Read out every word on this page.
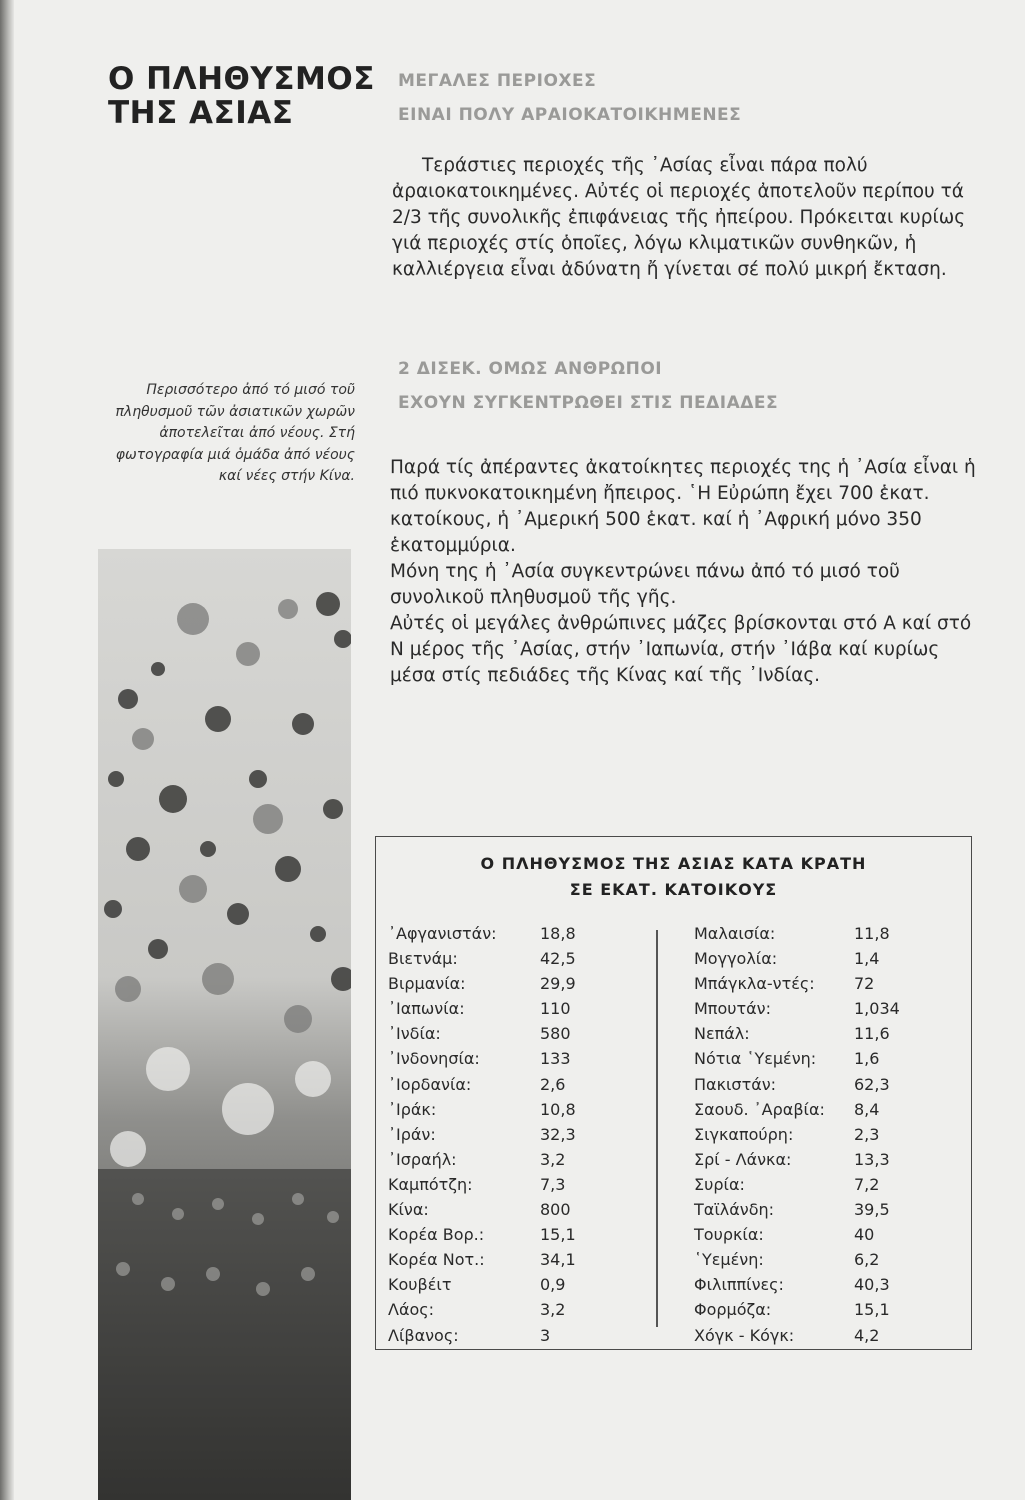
Ο ΠΛΗΘΥΣΜΟΣ
ΤΗΣ ΑΣΙΑΣ
ΜΕΓΑΛΕΣ ΠΕΡΙΟΧΕΣ
ΕΙΝΑΙ ΠΟΛΥ ΑΡΑΙΟΚΑΤΟΙΚΗΜΕΝΕΣ

Τεράστιες περιοχές τῆς ᾿Ασίας εἶναι πάρα πολύ ἀραιοκατοικημένες. Αὐτές οἱ περιοχές ἀποτελοῦν περίπου τά 2/3 τῆς συνολικῆς ἐπιφάνειας τῆς ἠπείρου. Πρόκειται κυρίως γιά περιοχές στίς ὁποῖες, λόγω κλιματικῶν συνθηκῶν, ἡ καλλιέργεια εἶναι ἀδύνατη ἤ γίνεται σέ πολύ μικρή ἔκταση.

Περισσότερο ἀπό τό μισό τοῦ πληθυσμοῦ τῶν ἀσιατικῶν χωρῶν ἀποτελεῖται ἀπό νέους. Στή φωτογραφία μιά ὁμάδα ἀπό νέους καί νέες στήν Κίνα.

2 ΔΙΣΕΚ. ΟΜΩΣ ΑΝΘΡΩΠΟΙ
ΕΧΟΥΝ ΣΥΓΚΕΝΤΡΩΘΕΙ ΣΤΙΣ ΠΕΔΙΑΔΕΣ
Παρά τίς ἀπέραντες ἀκατοίκητες περιοχές της ἡ ᾿Ασία εἶναι ἡ πιό πυκνοκατοικημένη ἤπειρος. ῾Η Εὐρώπη ἔχει 700 ἑκατ. κατοίκους, ἡ ᾿Αμερική 500 ἑκατ. καί ἡ ᾿Αφρική μόνο 350 ἑκατομμύρια.
Μόνη της ἡ ᾿Ασία συγκεντρώνει πάνω ἀπό τό μισό τοῦ συνολικοῦ πληθυσμοῦ τῆς γῆς.
Αὐτές οἱ μεγάλες ἀνθρώπινες μάζες βρίσκονται στό Α καί στό Ν μέρος τῆς ᾿Ασίας, στήν ᾿Ιαπωνία, στήν ᾿Ιάβα καί κυρίως μέσα στίς πεδιάδες τῆς Κίνας καί τῆς ᾿Ινδίας.
Ο ΠΛΗΘΥΣΜΟΣ ΤΗΣ ΑΣΙΑΣ ΚΑΤΑ ΚΡΑΤΗ
ΣΕ ΕΚΑΤ. ΚΑΤΟΙΚΟΥΣ
᾿Αφγανιστάν:	18,8
Βιετνάμ:	42,5
Βιρμανία:	29,9
᾿Ιαπωνία:	110
᾿Ινδία:	580
᾿Ινδονησία:	133
᾿Ιορδανία:	2,6
᾿Ιράκ:	10,8
᾿Ιράν:	32,3
᾿Ισραήλ:	3,2
Καμπότζη:	7,3
Κίνα:	800
Κορέα Βορ.:	15,1
Κορέα Νοτ.:	34,1
Κουβέιτ	0,9
Λάος:	3,2
Λίβανος:	3
Μαλαισία:	11,8
Μογγολία:	1,4
Μπάγκλα-ντές: 72
Μπουτάν:	1,034
Νεπάλ:	11,6
Νότια ῾Υεμένη: 1,6
Πακιστάν:	62,3
Σαουδ. ᾿Αραβία: 8,4
Σιγκαπούρη:	2,3
Σρί - Λάνκα:	13,3
Συρία:	7,2
Ταϊλάνδη:	39,5
Τουρκία:	40
῾Υεμένη:	6,2
Φιλιππίνες:	40,3
Φορμόζα:	15,1
Χόγκ - Κόγκ:	4,2
